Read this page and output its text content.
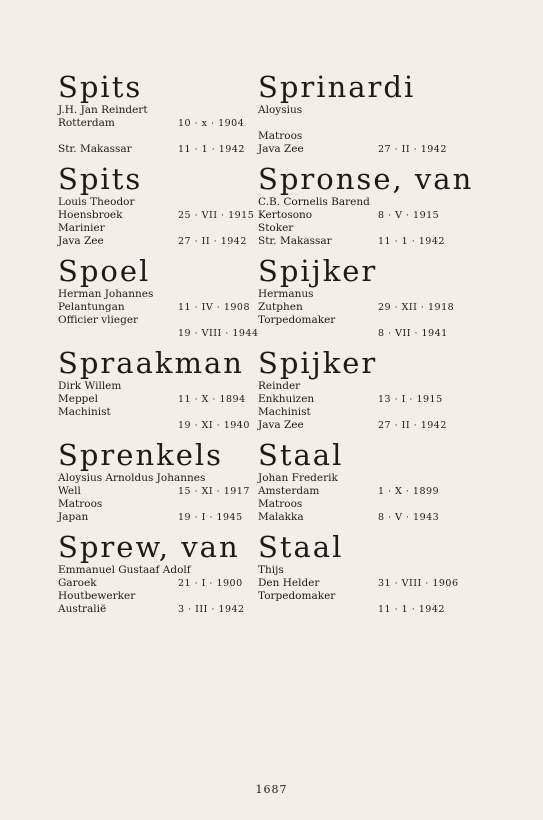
Spits
J.H. Jan Reindert
Rotterdam	10 · x · 1904
Str. Makassar	11 · 1 · 1942
Spits
Louis Theodor
Hoensbroek	25 · VII · 1915
Marinier
Java Zee	27 · II · 1942
Spoel
Herman Johannes
Pelantungan	11 · IV · 1908
Officier vlieger
19 · VIII · 1944
Spraakman
Dirk Willem
Meppel	11 · X · 1894
Machinist
19 · XI · 1940
Sprenkels
Aloysius Arnoldus Johannes
Well	15 · XI · 1917
Matroos
Japan	19 · I · 1945
Sprew, van
Emmanuel Gustaaf Adolf
Garoek	21 · I · 1900
Houtbewerker
Australië	3 · III · 1942
Sprinardi
Aloysius
Matroos
Java Zee	27 · II · 1942
Spronse, van
C.B. Cornelis Barend
Kertosono	8 · V · 1915
Stoker
Str. Makassar	11 · 1 · 1942
Spijker
Hermanus
Zutphen	29 · XII · 1918
Torpedomaker
8 · VII · 1941
Spijker
Reinder
Enkhuizen	13 · I · 1915
Machinist
Java Zee	27 · II · 1942
Staal
Johan Frederik
Amsterdam	1 · X · 1899
Matroos
Malakka	8 · V · 1943
Staal
Thijs
Den Helder	31 · VIII · 1906
Torpedomaker
11 · 1 · 1942
1687
